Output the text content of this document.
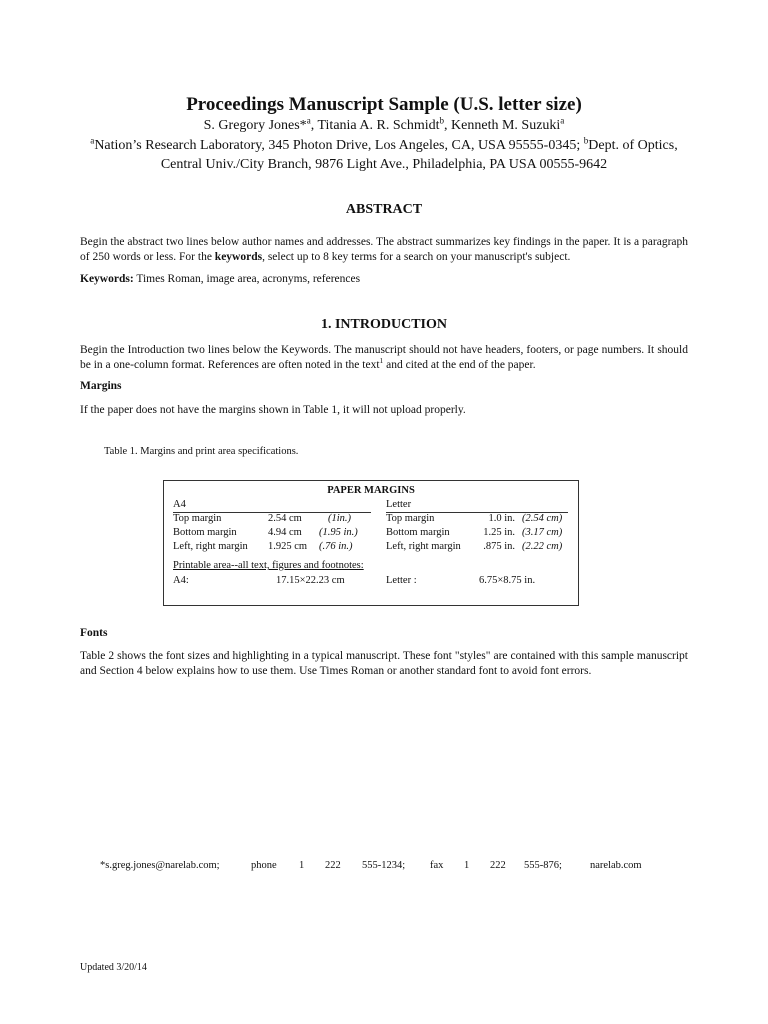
Proceedings Manuscript Sample (U.S. letter size)
S. Gregory Jones*$^a$, Titania A. R. Schmidt$^b$, Kenneth M. Suzuki$^a$
$^a$Nation’s Research Laboratory, 345 Photon Drive, Los Angeles, CA, USA 95555-0345; $^b$Dept. of Optics, Central Univ./City Branch, 9876 Light Ave., Philadelphia, PA USA 00555-9642
ABSTRACT
Begin the abstract two lines below author names and addresses. The abstract summarizes key findings in the paper. It is a paragraph of 250 words or less. For the keywords, select up to 8 key terms for a search on your manuscript's subject.
Keywords: Times Roman, image area, acronyms, references
1. INTRODUCTION
Begin the Introduction two lines below the Keywords. The manuscript should not have headers, footers, or page numbers. It should be in a one-column format. References are often noted in the text$^1$ and cited at the end of the paper.
Margins
If the paper does not have the margins shown in Table 1, it will not upload properly.
Table 1. Margins and print area specifications.
PAPER MARGINS
A4	Letter
Top margin	2.54 cm (1in.)	Top margin	1.0 in. (2.54 cm)
Bottom margin	4.94 cm (1.95 in.)	Bottom margin	1.25 in. (3.17 cm)
Left, right margin 1.925 cm (.76 in.)	Left, right margin	.875 in. (2.22 cm)
Printable area--all text, figures and footnotes:
A4:	17.15×22.23 cm	Letter :	6.75×8.75 in.
Fonts
Table 2 shows the font sizes and highlighting in a typical manuscript. These font "styles" are contained with this sample manuscript and Section 4 below explains how to use them. Use Times Roman or another standard font to avoid font errors.
*s.greg.jones@narelab.com;	phone 1 222 555-1234; fax 1 222 555-876;	narelab.com
Updated 3/20/14
